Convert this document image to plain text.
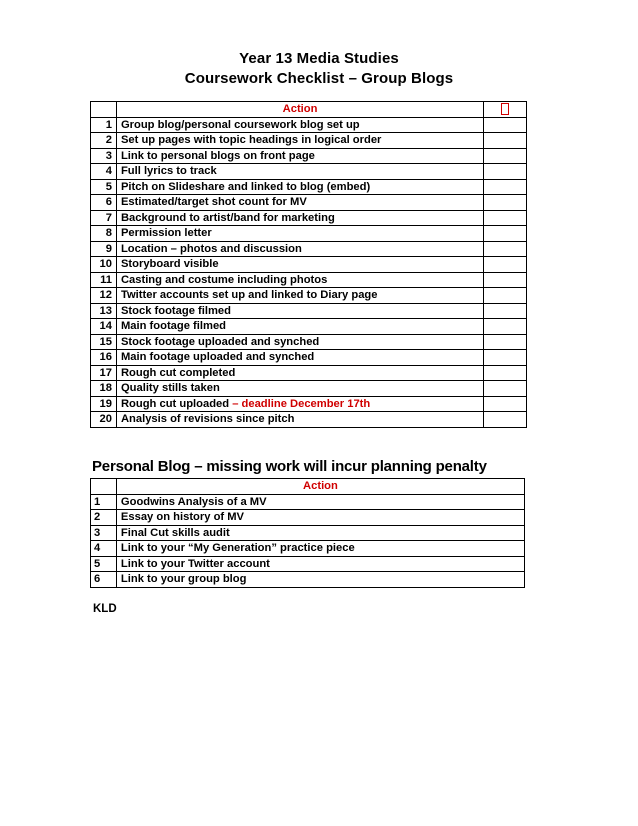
Year 13 Media Studies
Coursework Checklist – Group Blogs
	Action	
1	Group blog/personal coursework blog set up	
2	Set up pages with topic headings in logical order	
3	Link to personal blogs on front page	
4	Full lyrics to track	
5	Pitch on Slideshare and linked to blog (embed)	
6	Estimated/target shot count for MV	
7	Background to artist/band for marketing	
8	Permission letter	
9	Location – photos and discussion	
10	Storyboard visible	
11	Casting and costume including photos	
12	Twitter accounts set up and linked to Diary page	
13	Stock footage filmed	
14	Main footage filmed	
15	Stock footage uploaded and synched	
16	Main footage uploaded and synched	
17	Rough cut completed	
18	Quality stills taken	
19	Rough cut uploaded – deadline December 17th	
20	Analysis of revisions since pitch	
Personal Blog – missing work will incur planning penalty
	Action
1	Goodwins Analysis of a MV
2	Essay on history of MV
3	Final Cut skills audit
4	Link to your “My Generation” practice piece
5	Link to your Twitter account
6	Link to your group blog
KLD
